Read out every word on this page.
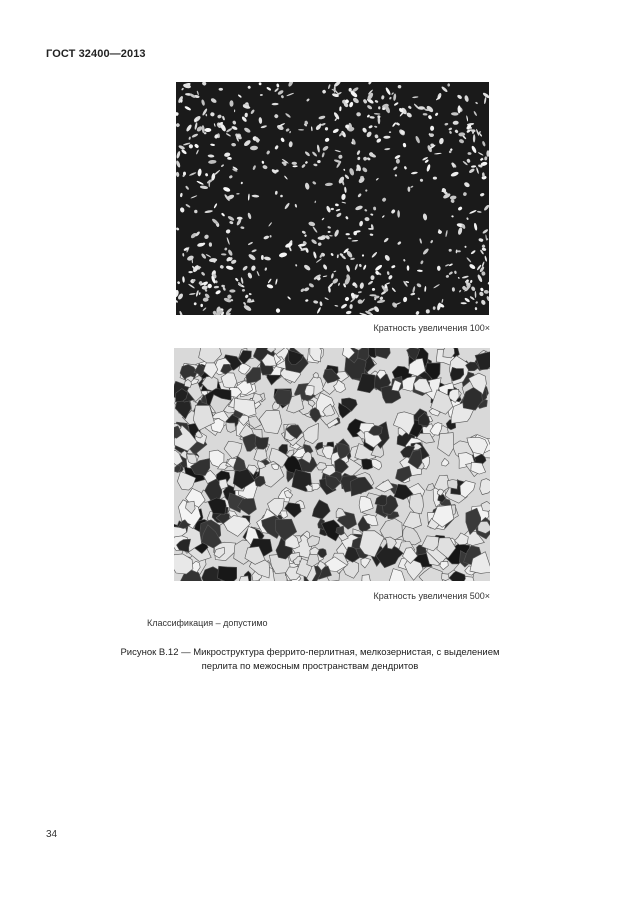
ГОСТ 32400—2013
Кратность увеличения 100×
Кратность увеличения 500×
Классификация – допустимо
Рисунок В.12 — Микроструктура феррито-перлитная, мелкозернистая, с выделением
перлита по межосным пространствам дендритов
34
